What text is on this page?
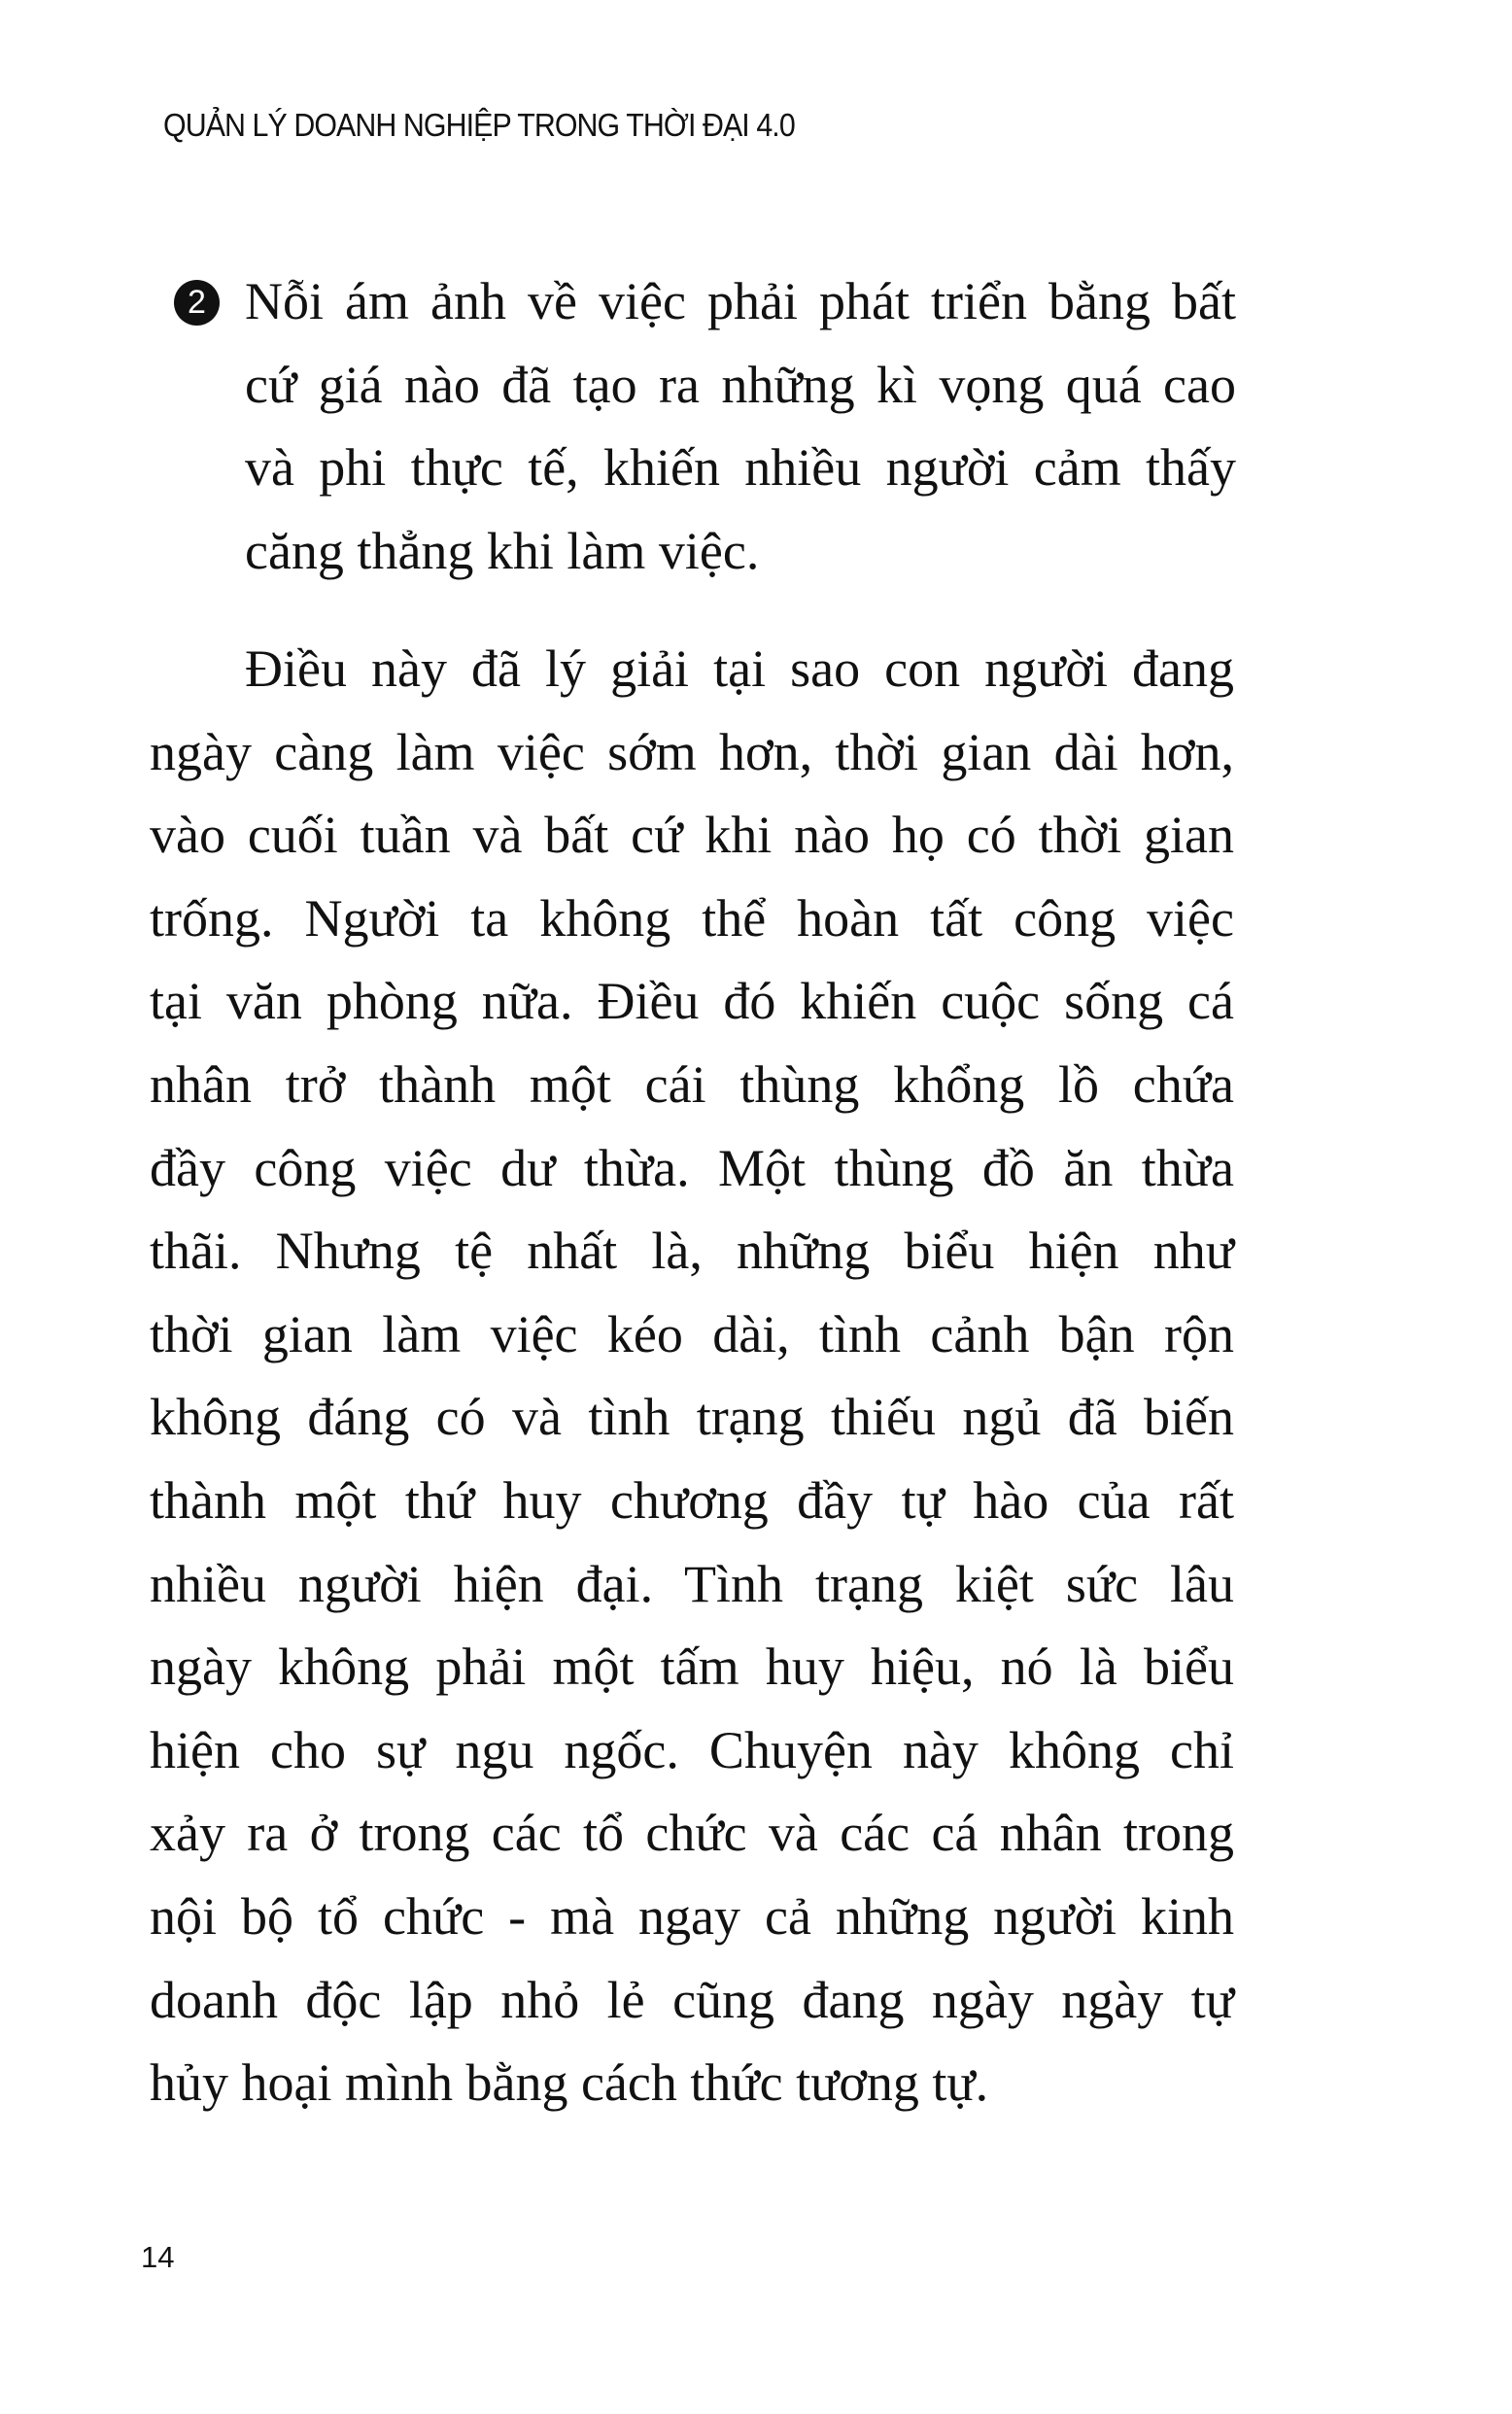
QUẢN LÝ DOANH NGHIỆP TRONG THỜI ĐẠI 4.0
2 Nỗi ám ảnh về việc phải phát triển bằng bất
cứ giá nào đã tạo ra những kì vọng quá cao
và phi thực tế, khiến nhiều người cảm thấy
căng thẳng khi làm việc.
Điều này đã lý giải tại sao con người đang
ngày càng làm việc sớm hơn, thời gian dài hơn,
vào cuối tuần và bất cứ khi nào họ có thời gian
trống. Người ta không thể hoàn tất công việc
tại văn phòng nữa. Điều đó khiến cuộc sống cá
nhân trở thành một cái thùng khổng lồ chứa
đầy công việc dư thừa. Một thùng đồ ăn thừa
thãi. Nhưng tệ nhất là, những biểu hiện như
thời gian làm việc kéo dài, tình cảnh bận rộn
không đáng có và tình trạng thiếu ngủ đã biến
thành một thứ huy chương đầy tự hào của rất
nhiều người hiện đại. Tình trạng kiệt sức lâu
ngày không phải một tấm huy hiệu, nó là biểu
hiện cho sự ngu ngốc. Chuyện này không chỉ
xảy ra ở trong các tổ chức và các cá nhân trong
nội bộ tổ chức - mà ngay cả những người kinh
doanh độc lập nhỏ lẻ cũng đang ngày ngày tự
hủy hoại mình bằng cách thức tương tự.
14
